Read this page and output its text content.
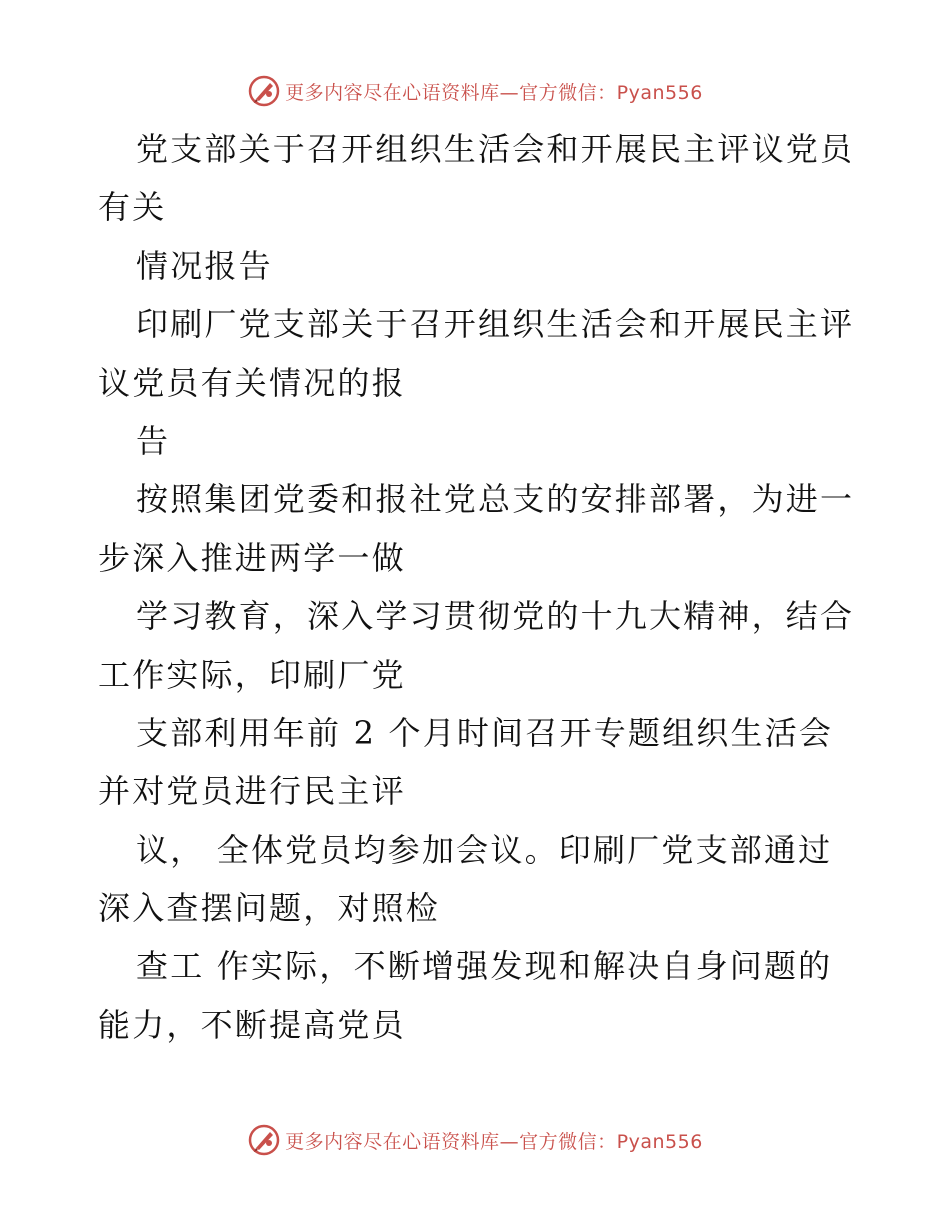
更多内容尽在心语资料库—官方微信：Pyan556
党支部关于召开组织生活会和开展民主评议党员
有关
情况报告
印刷厂党支部关于召开组织生活会和开展民主评
议党员有关情况的报
告
按照集团党委和报社党总支的安排部署，为进一
步深入推进两学一做
学习教育，深入学习贯彻党的十九大精神，结合
工作实际，印刷厂党
支部利用年前 2 个月时间召开专题组织生活会
并对党员进行民主评
议， 全体党员均参加会议。印刷厂党支部通过
深入查摆问题，对照检
查工 作实际，不断增强发现和解决自身问题的
能力，不断提高党员
更多内容尽在心语资料库—官方微信：Pyan556
